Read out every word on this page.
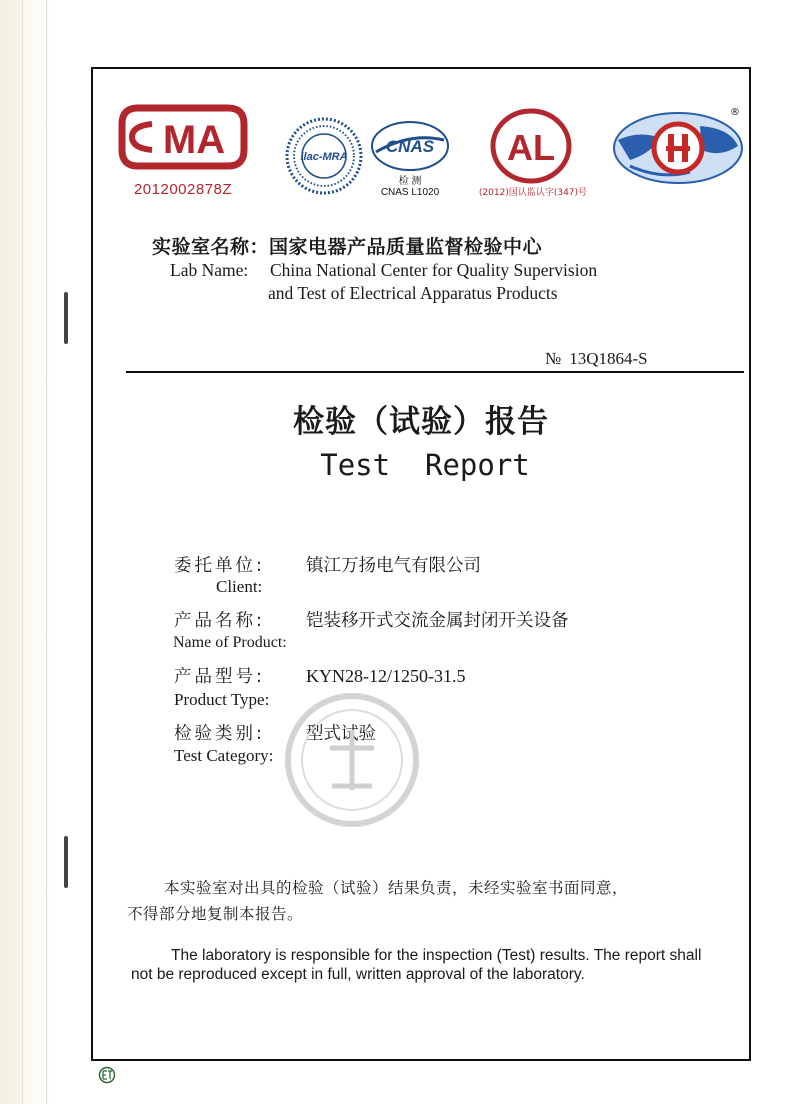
MA
2012002878Z
ilac-MRA
CNAS
检 测
CNAS L1020
AL
(2012)国认监认字(347)号
®
实验室名称：国家电器产品质量监督检验中心
Lab Name: China National Center for Quality Supervision
and Test of Electrical Apparatus Products
№ 13Q1864-S
检验（试验）报告
Test  Report
委托单位: 镇江万扬电气有限公司
Client:
产品名称: 铠装移开式交流金属封闭开关设备
Name of Product:
产品型号: KYN28-12/1250-31.5
Product Type:
检验类别: 型式试验
Test Category:
本实验室对出具的检验（试验）结果负责，未经实验室书面同意，
不得部分地复制本报告。
The laboratory is responsible for the inspection (Test) results. The report shall
not be reproduced except in full, written approval of the laboratory.
